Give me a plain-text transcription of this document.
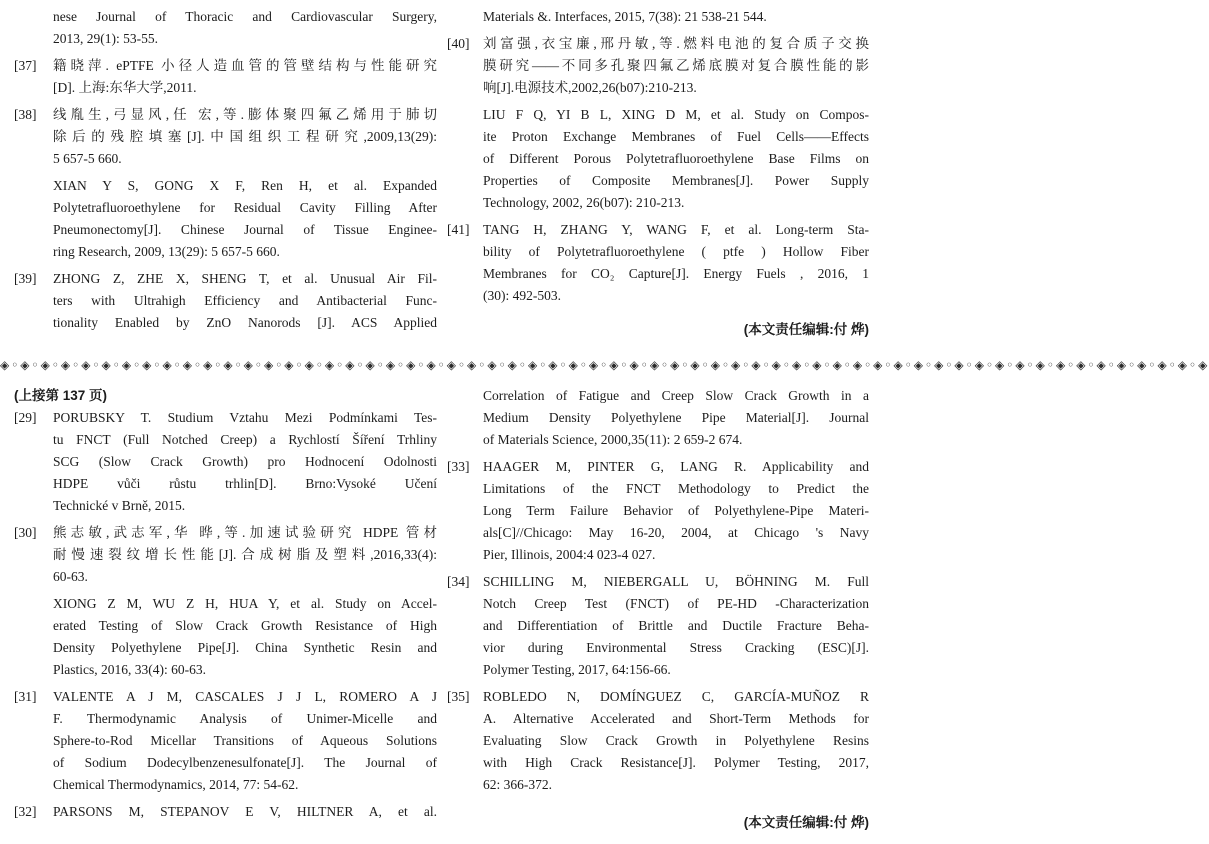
nese Journal of Thoracic and Cardiovascular Surgery,
2013, 29(1): 53-55.
[37]	籍晓萍. ePTFE 小径人造血管的管壁结构与性能研究
[D]. 上海:东华大学,2011.
[38]	线胤生,弓显风,任 宏,等.膨体聚四氟乙烯用于肺切
除后的残腔填塞[J].中国组织工程研究,2009,13(29):
5 657-5 660.
XIAN Y S, GONG X F, Ren H, et al. Expanded
Polytetrafluoroethylene for Residual Cavity Filling After
Pneumonectomy[J]. Chinese Journal of Tissue Enginee-
ring Research, 2009, 13(29): 5 657-5 660.
[39]	ZHONG Z, ZHE X, SHENG T, et al. Unusual Air Fil-
ters with Ultrahigh Efficiency and Antibacterial Func-
tionality Enabled by ZnO Nanorods [J]. ACS Applied
Materials &. Interfaces, 2015, 7(38): 21 538-21 544.
[40]	刘富强,衣宝廉,邢丹敏,等.燃料电池的复合质子交换
膜研究——不同多孔聚四氟乙烯底膜对复合膜性能的影
响[J].电源技术,2002,26(b07):210-213.
LIU F Q, YI B L, XING D M, et al. Study on Compos-
ite Proton Exchange Membranes of Fuel Cells——Effects
of Different Porous Polytetrafluoroethylene Base Films on
Properties of Composite Membranes[J]. Power Supply
Technology, 2002, 26(b07): 210-213.
[41]	TANG H, ZHANG Y, WANG F, et al. Long-term Sta-
bility of Polytetrafluoroethylene ( ptfe ) Hollow Fiber
Membranes for CO₂ Capture[J]. Energy Fuels , 2016, 1
(30): 492-503.
(本文责任编辑:付 烨)
◈◦◈◦◈◦◈◦◈◦◈◦◈◦◈◦◈◦◈◦◈◦◈◦◈◦◈◦◈◦◈◦◈◦◈◦◈◦◈◦◈◦◈◦◈◦◈◦◈◦◈◦◈◦◈◦◈◦◈◦◈◦◈◦◈◦◈◦◈◦◈◦◈◦◈◦◈◦◈◦◈◦◈◦◈◦◈◦◈◦◈◦◈◦◈◦◈◦◈◦◈◦◈◦◈◦◈◦◈◦◈◦◈◦◈◦◈◦◈
(上接第 137 页)
[29]	PORUBSKY T. Studium Vztahu Mezi Podmínkami Tes-
tu FNCT (Full Notched Creep) a Rychlostí Šíření Trhliny
SCG (Slow Crack Growth) pro Hodnocení Odolnosti
HDPE vůči růstu trhlin[D]. Brno:Vysoké Učení
Technické v Brně, 2015.
[30]	熊志敏,武志军,华 晔,等.加速试验研究 HDPE 管材
耐慢速裂纹增长性能[J].合成树脂及塑料,2016,33(4):
60-63.
XIONG Z M, WU Z H, HUA Y, et al. Study on Accel-
erated Testing of Slow Crack Growth Resistance of High
Density Polyethylene Pipe[J]. China Synthetic Resin and
Plastics, 2016, 33(4): 60-63.
[31]	VALENTE A J M, CASCALES J J L, ROMERO A J
F. Thermodynamic Analysis of Unimer-Micelle and
Sphere-to-Rod Micellar Transitions of Aqueous Solutions
of Sodium Dodecylbenzenesulfonate[J]. The Journal of
Chemical Thermodynamics, 2014, 77: 54-62.
[32]	PARSONS M, STEPANOV E V, HILTNER A, et al.
Correlation of Fatigue and Creep Slow Crack Growth in a
Medium Density Polyethylene Pipe Material[J]. Journal
of Materials Science, 2000,35(11): 2 659-2 674.
[33]	HAAGER M, PINTER G, LANG R. Applicability and
Limitations of the FNCT Methodology to Predict the
Long Term Failure Behavior of Polyethylene-Pipe Materi-
als[C]//Chicago: May 16-20, 2004, at Chicago 's Navy
Pier, Illinois, 2004:4 023-4 027.
[34]	SCHILLING M, NIEBERGALL U, BÖHNING M. Full
Notch Creep Test (FNCT) of PE-HD -Characterization
and Differentiation of Brittle and Ductile Fracture Beha-
vior during Environmental Stress Cracking (ESC)[J].
Polymer Testing, 2017, 64:156-66.
[35]	ROBLEDO N, DOMÍNGUEZ C, GARCÍA-MUÑOZ R
A. Alternative Accelerated and Short-Term Methods for
Evaluating Slow Crack Growth in Polyethylene Resins
with High Crack Resistance[J]. Polymer Testing, 2017,
62: 366-372.
(本文责任编辑:付 烨)
